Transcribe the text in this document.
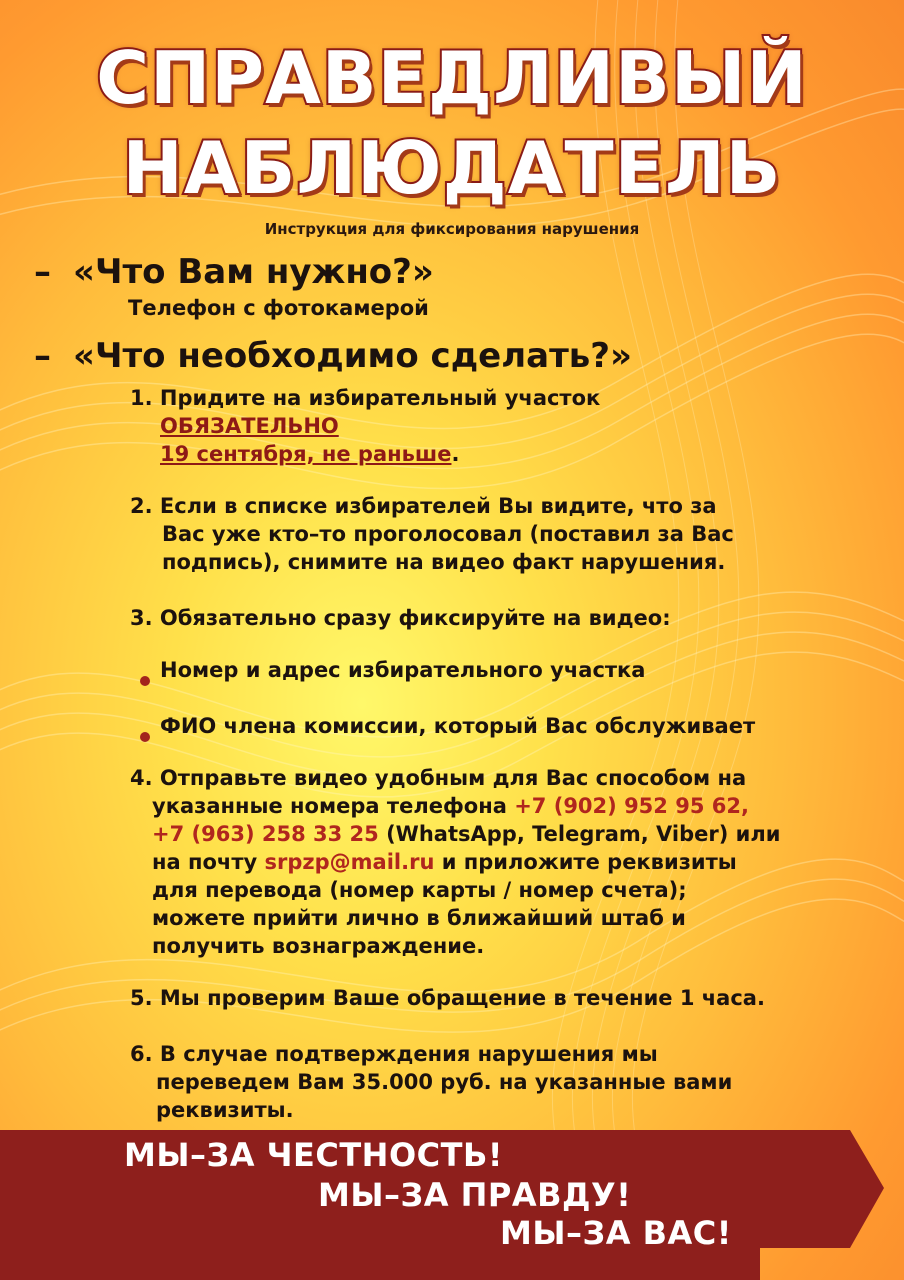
СПРАВЕДЛИВЫЙ
НАБЛЮДАТЕЛЬ
Инструкция для фиксирования нарушения
– «Что Вам нужно?»
Телефон с фотокамерой
– «Что необходимо сделать?»
1. Придите на избирательный участок
ОБЯЗАТЕЛЬНО
19 сентября, не раньше.
2. Если в списке избирателей Вы видите, что за
Вас уже кто–то проголосовал (поставил за Вас
подпись), снимите на видео факт нарушения.
3. Обязательно сразу фиксируйте на видео:
Номер и адрес избирательного участка
ФИО члена комиссии, который Вас обслуживает
4. Отправьте видео удобным для Вас способом на
указанные номера телефона +7 (902) 952 95 62,
+7 (963) 258 33 25 (WhatsApp, Telegram, Viber) или
на почту srpzp@mail.ru и приложите реквизиты
для перевода (номер карты / номер счета);
можете прийти лично в ближайший штаб и
получить вознаграждение.
5. Мы проверим Ваше обращение в течение 1 часа.
6. В случае подтверждения нарушения мы
переведем Вам 35.000 руб. на указанные вами
реквизиты.
МЫ–ЗА ЧЕСТНОСТЬ!
МЫ–ЗА ПРАВДУ!
МЫ–ЗА ВАС!
